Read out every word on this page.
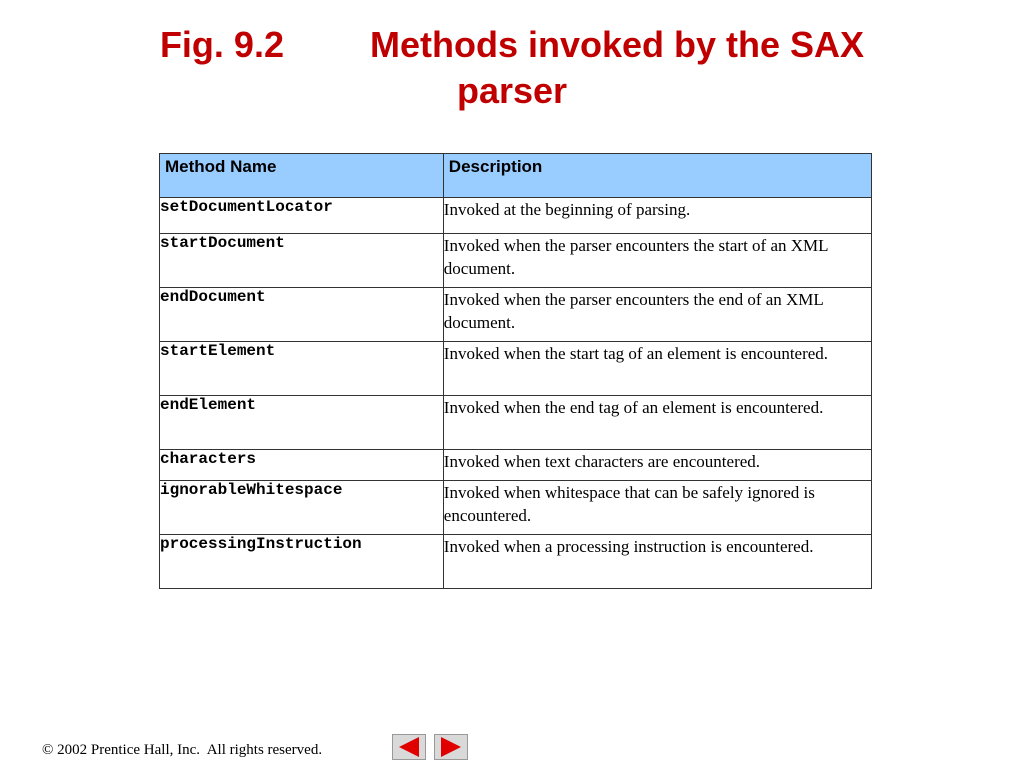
Fig. 9.2 Methods invoked by the SAX
parser
Method Name	Description
setDocumentLocator	Invoked at the beginning of parsing.
startDocument	Invoked when the parser encounters the start of an XML document.
endDocument	Invoked when the parser encounters the end of an XML document.
startElement	Invoked when the start tag of an element is encountered.
endElement	Invoked when the end tag of an element is encountered.
characters	Invoked when text characters are encountered.
ignorableWhitespace	Invoked when whitespace that can be safely ignored is encountered.
processingInstruction	Invoked when a processing instruction is encountered.
© 2002 Prentice Hall, Inc.  All rights reserved.
